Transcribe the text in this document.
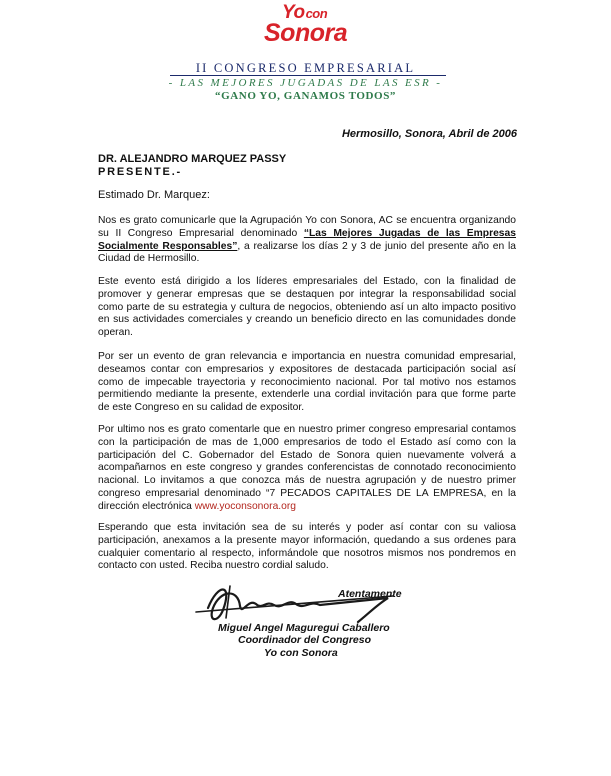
Yocon
Sonora
II CONGRESO EMPRESARIAL
- LAS MEJORES JUGADAS DE LAS ESR -
“GANO YO, GANAMOS TODOS”
Hermosillo, Sonora, Abril de 2006
DR. ALEJANDRO MARQUEZ PASSY
PRESENTE.-
Estimado Dr. Marquez:
Nos es grato comunicarle que la Agrupación Yo con Sonora, AC se encuentra organizando su II Congreso Empresarial denominado “Las Mejores Jugadas de las Empresas Socialmente Responsables”, a realizarse los días 2 y 3 de junio del presente año en la Ciudad de Hermosillo.
Este evento está dirigido a los líderes empresariales del Estado, con la finalidad de promover y generar empresas que se destaquen por integrar la responsabilidad social como parte de su estrategia y cultura de negocios, obteniendo así un alto impacto positivo en sus actividades comerciales y creando un beneficio directo en las comunidades donde operan.
Por ser un evento de gran relevancia e importancia en nuestra comunidad empresarial, deseamos contar con empresarios y expositores de destacada participación social así como de impecable trayectoria y reconocimiento nacional. Por tal motivo nos estamos permitiendo mediante la presente, extenderle una cordial invitación para que forme parte de este Congreso en su calidad de expositor.
Por ultimo nos es grato comentarle que en nuestro primer congreso empresarial contamos con la participación de mas de 1,000 empresarios de todo el Estado así como con la participación del C. Gobernador del Estado de Sonora quien nuevamente volverá a acompañarnos en este congreso y grandes conferencistas de connotado reconocimiento nacional. Lo invitamos a que conozca más de nuestra agrupación y de nuestro primer congreso empresarial denominado “7 PECADOS CAPITALES DE LA EMPRESA, en la dirección electrónica www.yoconsonora.org
Esperando que esta invitación sea de su interés y poder así contar con su valiosa participación, anexamos a la presente mayor información, quedando a sus ordenes para cualquier comentario al respecto, informándole que nosotros mismos nos pondremos en contacto con usted. Reciba nuestro cordial saludo.
Atentamente
Miguel Angel Maguregui Caballero
Coordinador del Congreso
Yo con Sonora
